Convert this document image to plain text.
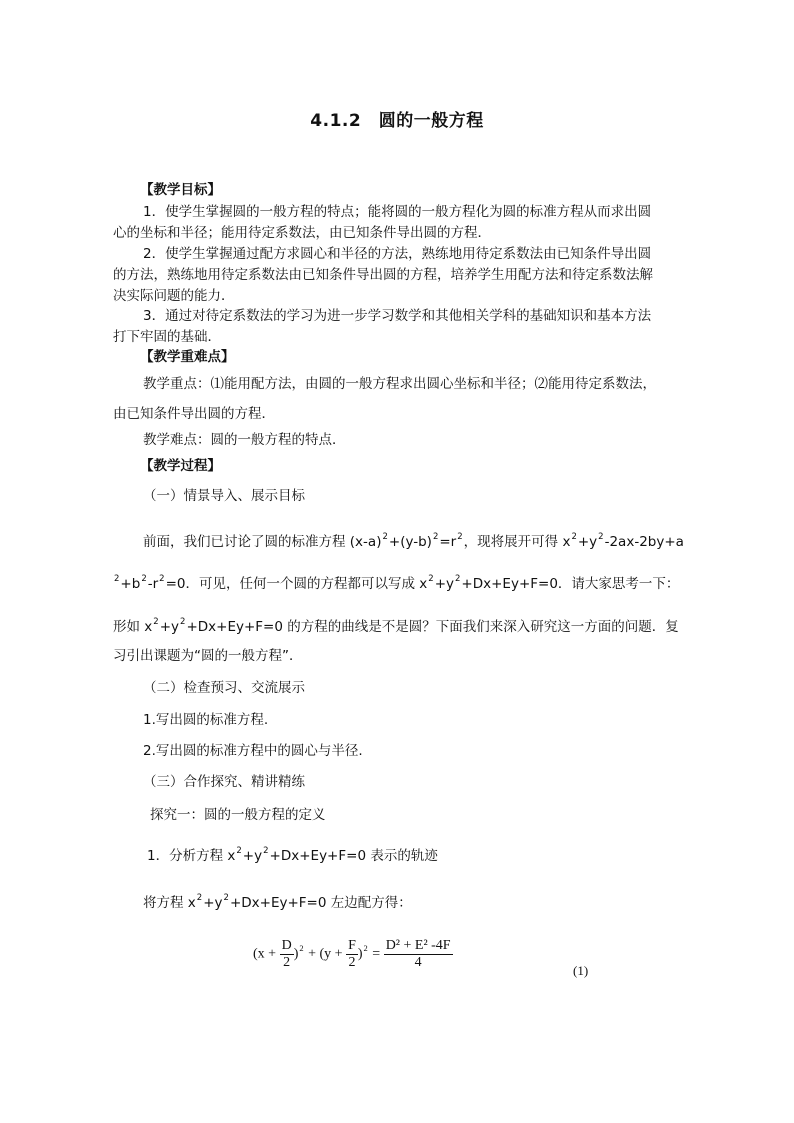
4.1.2　圆的一般方程
【教学目标】
1．使学生掌握圆的一般方程的特点；能将圆的一般方程化为圆的标准方程从而求出圆
心的坐标和半径；能用待定系数法，由已知条件导出圆的方程．
2．使学生掌握通过配方求圆心和半径的方法，熟练地用待定系数法由已知条件导出圆
的方法，熟练地用待定系数法由已知条件导出圆的方程，培养学生用配方法和待定系数法解
决实际问题的能力．
3．通过对待定系数法的学习为进一步学习数学和其他相关学科的基础知识和基本方法
打下牢固的基础．
【教学重难点】
教学重点：⑴能用配方法，由圆的一般方程求出圆心坐标和半径；⑵能用待定系数法，
由已知条件导出圆的方程．
教学难点：圆的一般方程的特点．
【教学过程】
（一）情景导入、展示目标
前面，我们已讨论了圆的标准方程 $(x-a)^2+(y-b)^2=r^2$，现将展开可得 $x^2+y^2-2ax-2by+a$
$^2+b^2-r^2=0$．可见，任何一个圆的方程都可以写成 $x^2+y^2+Dx+Ey+F=0$．请大家思考一下：
形如 $x^2+y^2+Dx+Ey+F=0$ 的方程的曲线是不是圆？下面我们来深入研究这一方面的问题．复
习引出课题为“圆的一般方程”．
（二）检查预习、交流展示
1.写出圆的标准方程.
2.写出圆的标准方程中的圆心与半径.
（三）合作探究、精讲精练
探究一：圆的一般方程的定义
1．分析方程 $x^2+y^2+Dx+Ey+F=0$ 表示的轨迹
将方程 $x^2+y^2+Dx+Ey+F=0$ 左边配方得：
$(x + \frac{D}{2} )^2 + (y + \frac{F}{2} )^2 = \frac{\text{D² + E² -4F}}{4}$	(1)
